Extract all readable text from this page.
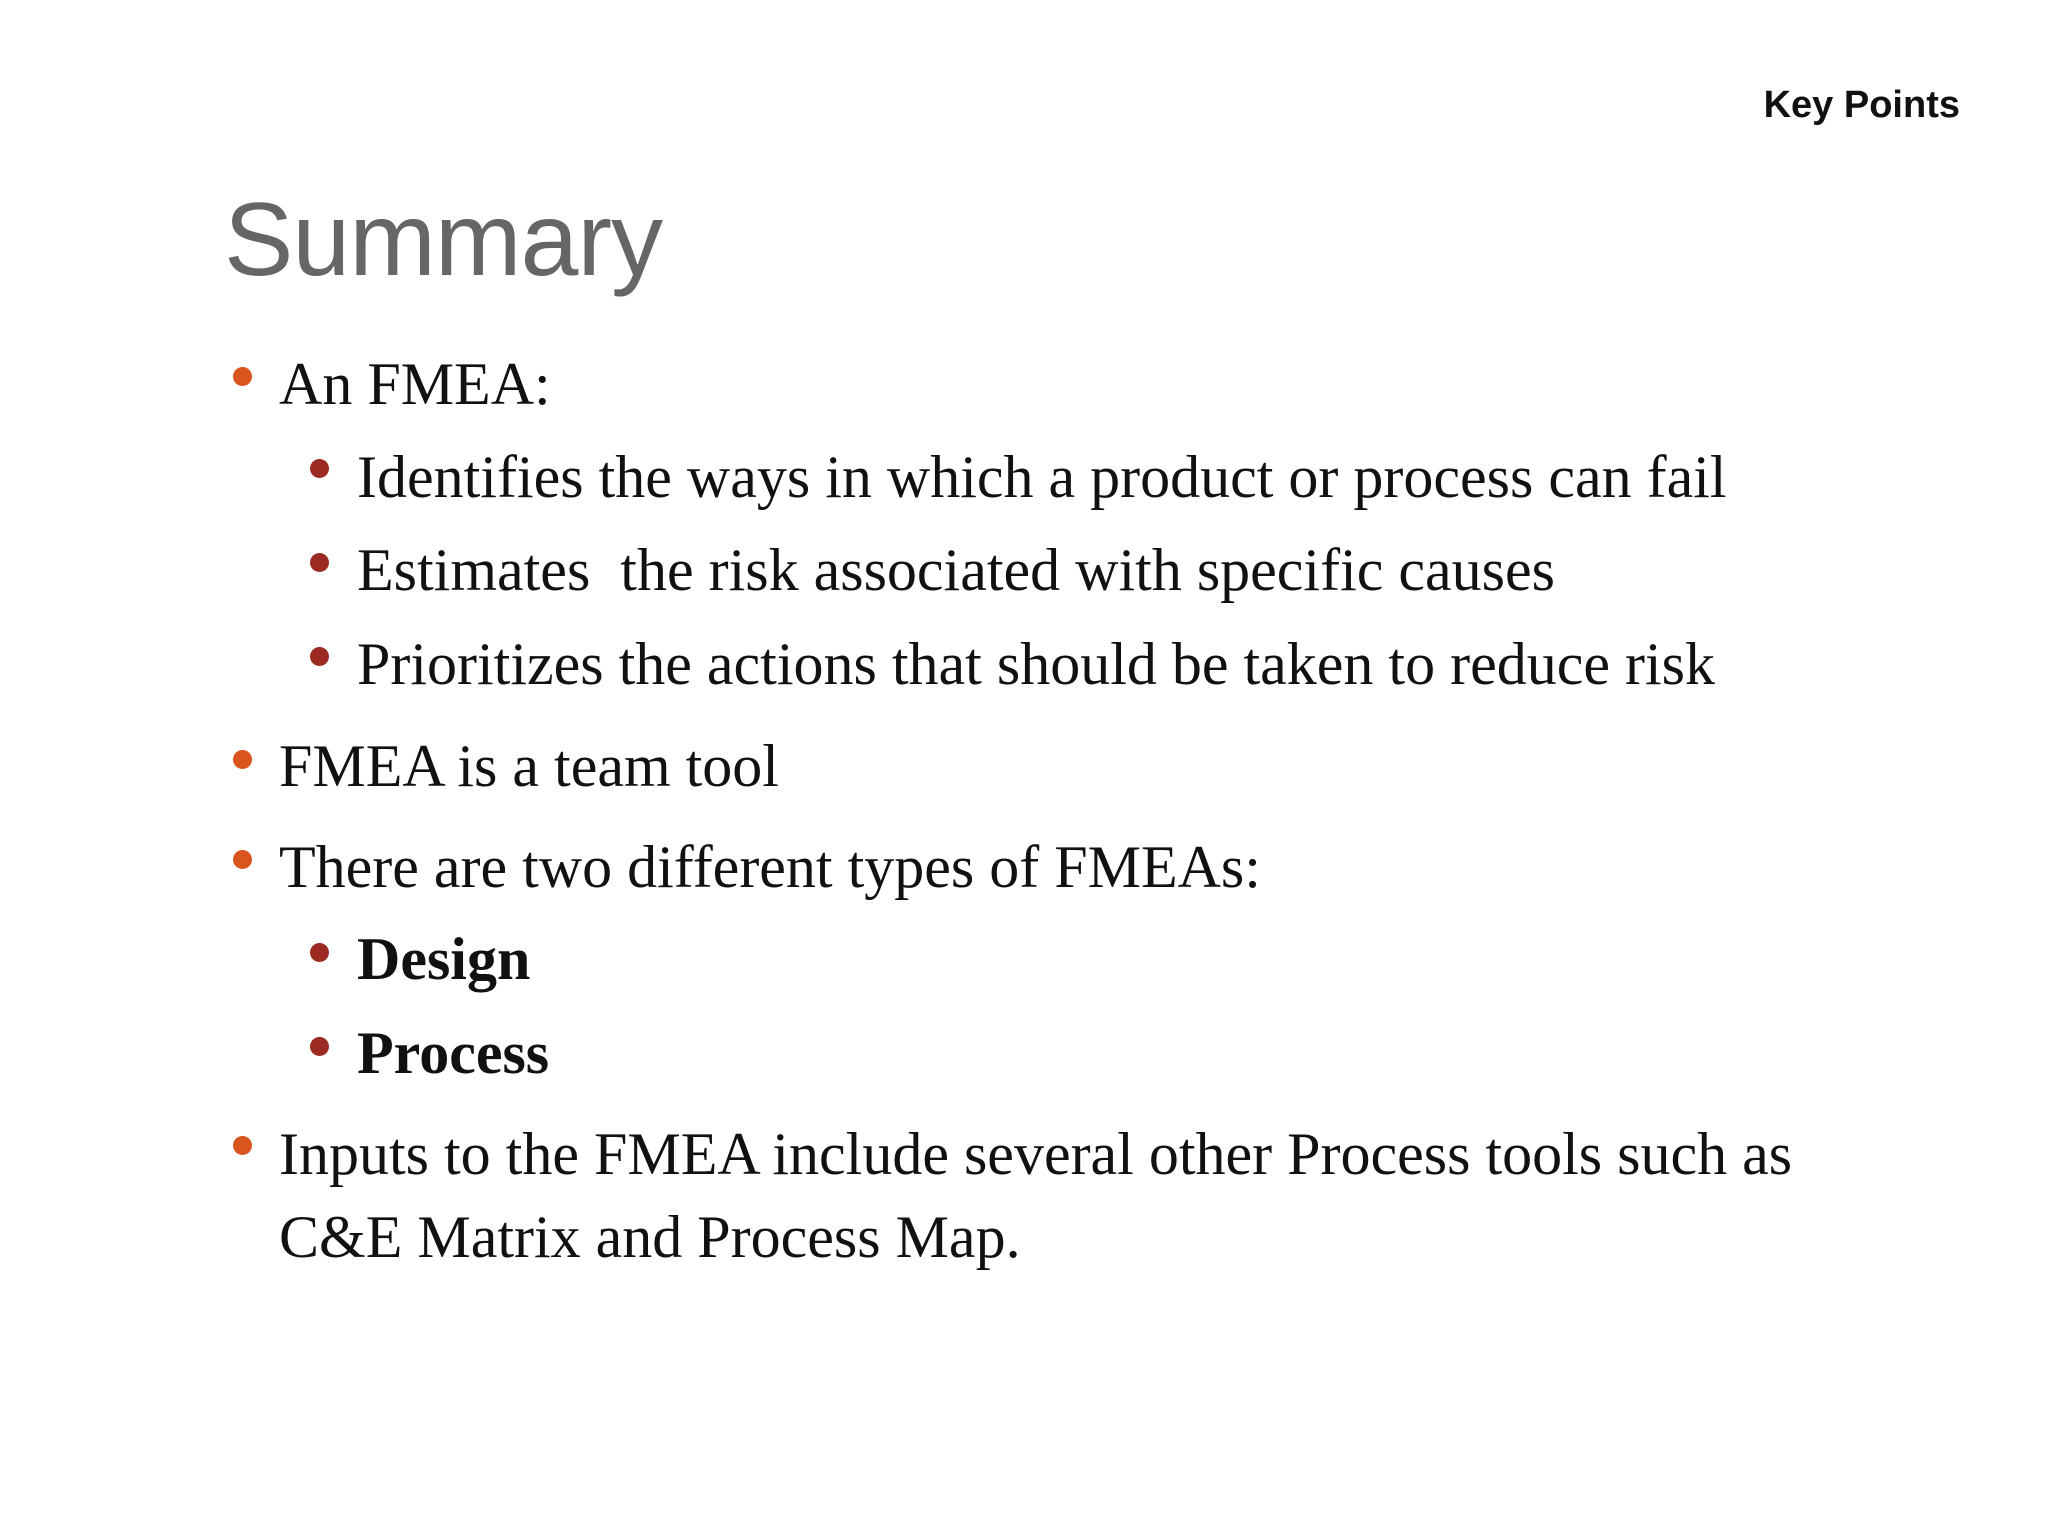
Key Points
Summary
An FMEA:
Identifies the ways in which a product or process can fail
Estimates  the risk associated with specific causes
Prioritizes the actions that should be taken to reduce risk
FMEA is a team tool
There are two different types of FMEAs:
Design
Process
Inputs to the FMEA include several other Process tools such as
C&E Matrix and Process Map.
